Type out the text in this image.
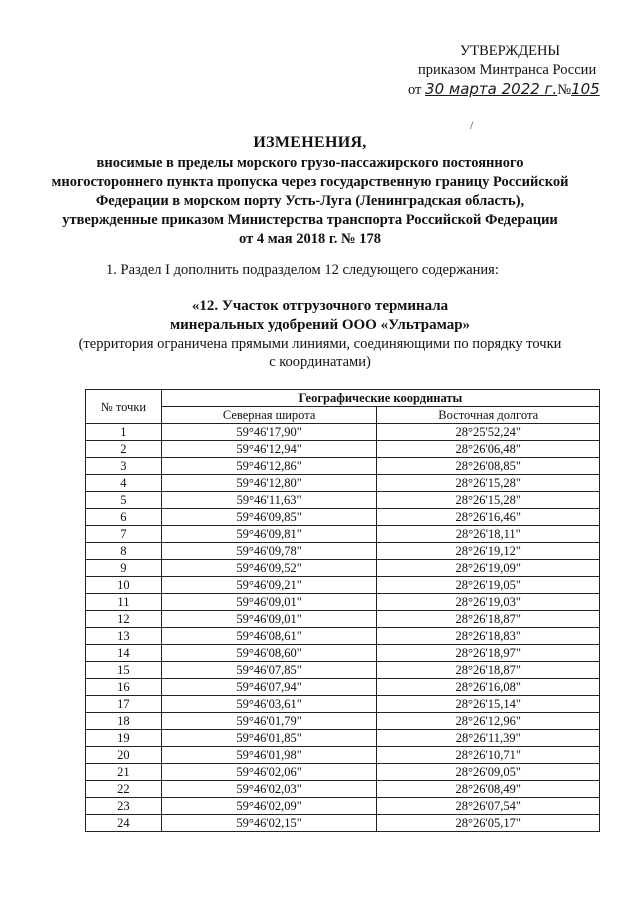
УТВЕРЖДЕНЫ
приказом Минтранса России
от 30 марта 2022 г.№105
/
ИЗМЕНЕНИЯ,
вносимые в пределы морского грузо-пассажирского постоянного
многостороннего пункта пропуска через государственную границу Российской
Федерации в морском порту Усть-Луга (Ленинградская область),
утвержденные приказом Министерства транспорта Российской Федерации
от 4 мая 2018 г. № 178
1. Раздел I дополнить подразделом 12 следующего содержания:
«12. Участок отгрузочного терминала
минеральных удобрений ООО «Ультрамар»
(территория ограничена прямыми линиями, соединяющими по порядку точки
с координатами)
№ точки	Географические координаты	
	Северная широта	Восточная долгота
1	59°46'17,90"	28°25'52,24"
2	59°46'12,94"	28°26'06,48"
3	59°46'12,86"	28°26'08,85"
4	59°46'12,80"	28°26'15,28"
5	59°46'11,63"	28°26'15,28"
6	59°46'09,85"	28°26'16,46"
7	59°46'09,81"	28°26'18,11"
8	59°46'09,78"	28°26'19,12"
9	59°46'09,52"	28°26'19,09"
10	59°46'09,21"	28°26'19,05"
11	59°46'09,01"	28°26'19,03"
12	59°46'09,01"	28°26'18,87"
13	59°46'08,61"	28°26'18,83"
14	59°46'08,60"	28°26'18,97"
15	59°46'07,85"	28°26'18,87"
16	59°46'07,94"	28°26'16,08"
17	59°46'03,61"	28°26'15,14"
18	59°46'01,79"	28°26'12,96"
19	59°46'01,85"	28°26'11,39"
20	59°46'01,98"	28°26'10,71"
21	59°46'02,06"	28°26'09,05"
22	59°46'02,03"	28°26'08,49"
23	59°46'02,09"	28°26'07,54"
24	59°46'02,15"	28°26'05,17"
